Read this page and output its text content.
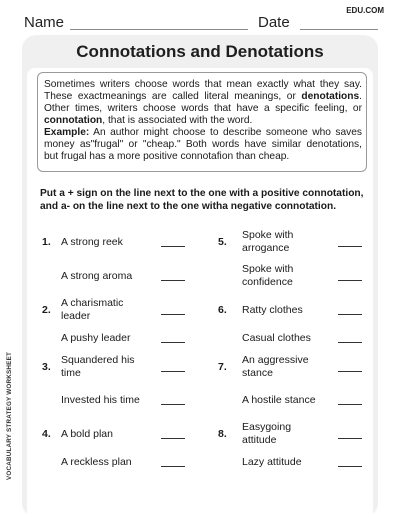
Name	Date
EDU.COM
Connotations and Denotations
Sometimes writers choose words that mean exactly what they say.
These exactmeanings are called literal meanings, or denotations.
Other times, writers choose words that have a specific feeling, or
connotation, that is associated with the word.
Example: An author might choose to describe someone who saves
money as"frugal" or "cheap." Both words have similar denotations,
but frugal has a more positive connotafion than cheap.
Put a + sign on the line next to the one with a positive connotation,
and a- on the line next to the one witha negative connotation.
1. A strong reek
A strong aroma
2.
A charismatic
leader
A pushy leader
3.
Squandered his
time
Invested his time
4. A bold plan
A reckless plan
5.
Spoke with
arrogance
Spoke with
confidence
6. Ratty clothes
Casual clothes
7.
An aggressive
stance
A hostile stance
8.
Easygoing
attitude
Lazy attitude
VOCABULARY STRATEGY WORKSHEET
